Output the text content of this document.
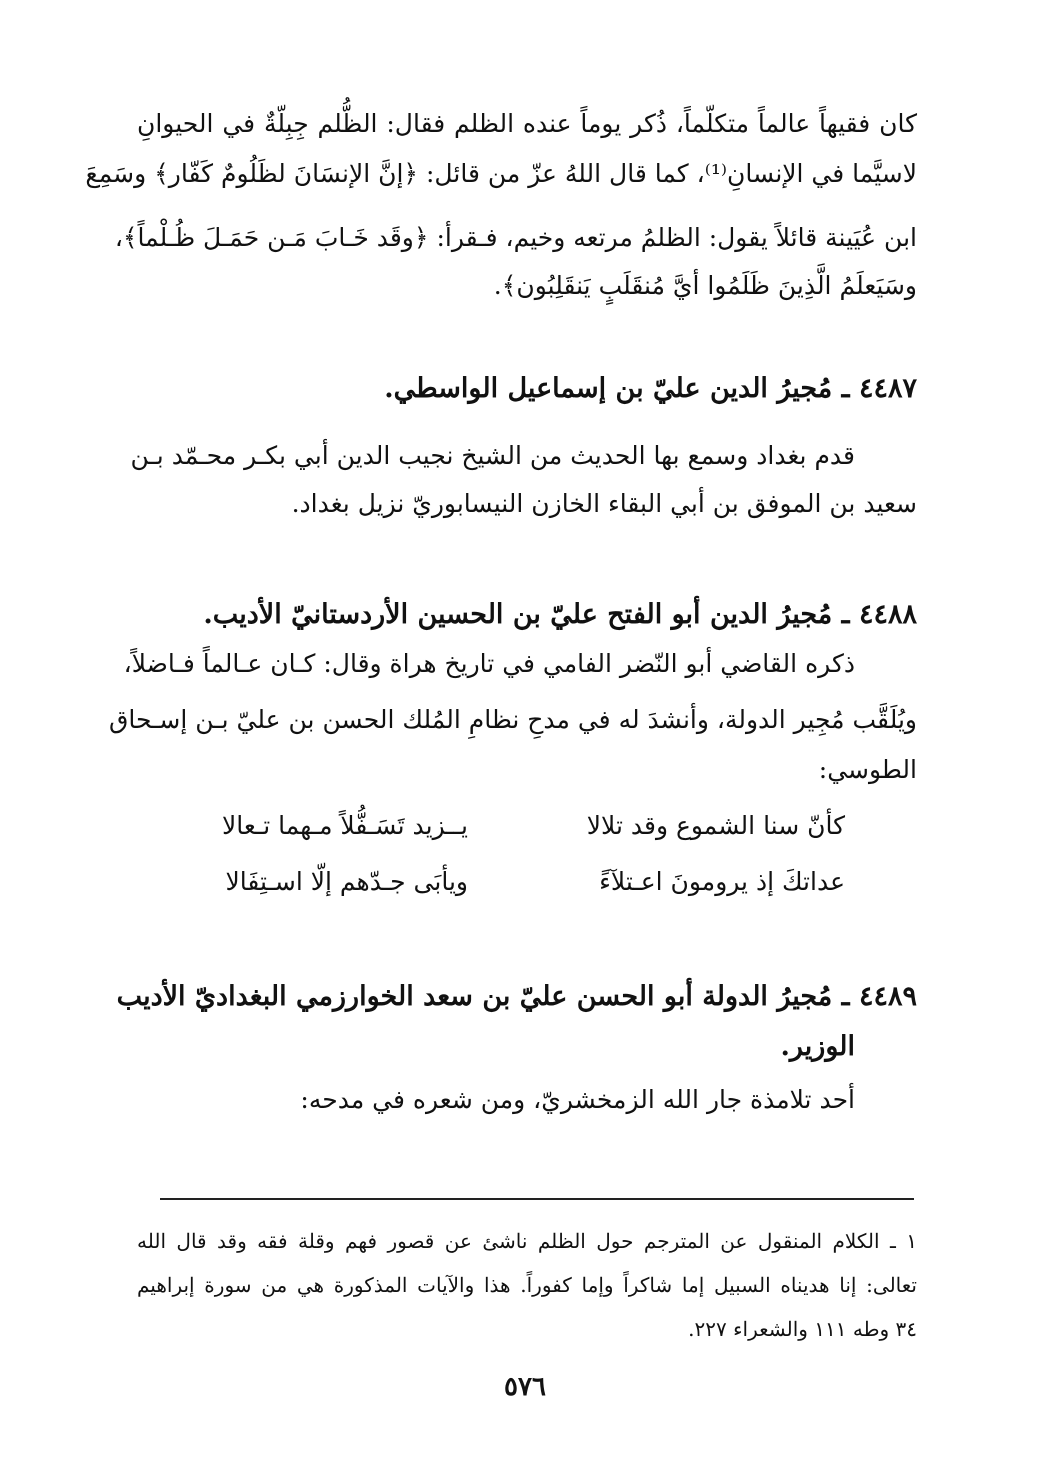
كان فقيهاً عالماً متكلّماً، ذُكر يوماً عنده الظلم فقال: الظُّلم جِبِلّةٌ في الحيوانِ
لاسيَّما في الإنسانِ⁽¹⁾، كما قال اللهُ عزّ من قائل: ﴿إنَّ الإنسَانَ لظَلُومٌ كَفّار﴾ وسَمِعَ
ابن عُيَينة قائلاً يقول: الظلمُ مرتعه وخيم، فـقرأ: ﴿وقَد خَـابَ مَـن حَمَـلَ ظُـلْماً﴾،
وسَيَعلَمُ الَّذِينَ ظَلَمُوا أيَّ مُنقَلَبٍ يَنقَلِبُون﴾.
٤٤٨٧ ـ مُجيرُ الدين عليّ بن إسماعيل الواسطي.
قدم بغداد وسمع بها الحديث من الشيخ نجيب الدين أبي بكـر محـمّد بـن
سعيد بن الموفق بن أبي البقاء الخازن النيسابوريّ نزيل بغداد.
٤٤٨٨ ـ مُجيرُ الدين أبو الفتح عليّ بن الحسين الأردستانيّ الأديب.
ذكره القاضي أبو النّضر الفامي في تاريخ هراة وقال: كـان عـالماً فـاضلاً،
ويُلَقَّب مُجِير الدولة، وأنشدَ له في مدحِ نظامِ المُلك الحسن بن عليّ بـن إسـحاق
الطوسي:
كأنّ سنا الشموع وقد تلالا
يــزيد تَسَـفُّلاً مـهما تـعالا
عداتكَ إذ يرومونَ اعـتلآءً
ويأبَى جـدّهم إلّا اسـتِفَالا
٤٤٨٩ ـ مُجيرُ الدولة أبو الحسن عليّ بن سعد الخوارزمي البغداديّ الأديب
الوزير.
أحد تلامذة جار الله الزمخشريّ، ومن شعره في مدحه:
١ ـ الكلام المنقول عن المترجم حول الظلم ناشئ عن قصور فهم وقلة فقه وقد قال الله
تعالى: إنا هديناه السبيل إما شاكراً وإما كفوراً. هذا والآيات المذكورة هي من سورة إبراهيم
٣٤ وطه ١١١ والشعراء ٢٢٧.
٥٧٦
